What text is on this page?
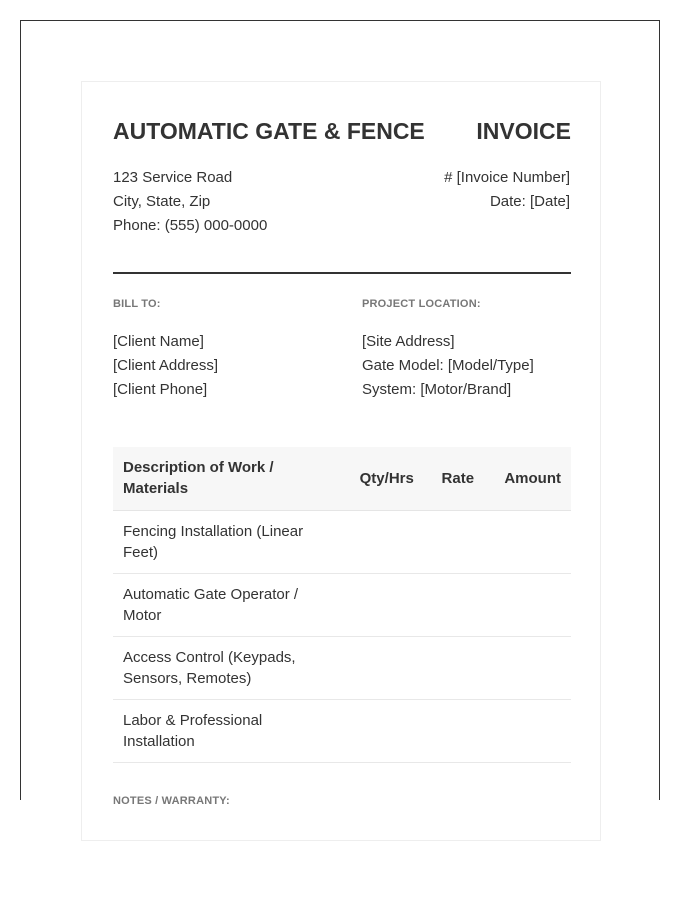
AUTOMATIC GATE & FENCE INVOICE
123 Service Road
City, State, Zip
Phone: (555) 000-0000
# [Invoice Number]
Date: [Date]
BILL TO:	PROJECT LOCATION:
[Client Name]
[Client Address]
[Client Phone]
[Site Address]
Gate Model: [Model/Type]
System: [Motor/Brand]
Description of Work / Materials	Qty/Hrs	Rate	Amount
Fencing Installation (Linear Feet)			
Automatic Gate Operator / Motor			
Access Control (Keypads, Sensors, Remotes)			
Labor & Professional Installation			
NOTES / WARRANTY:
